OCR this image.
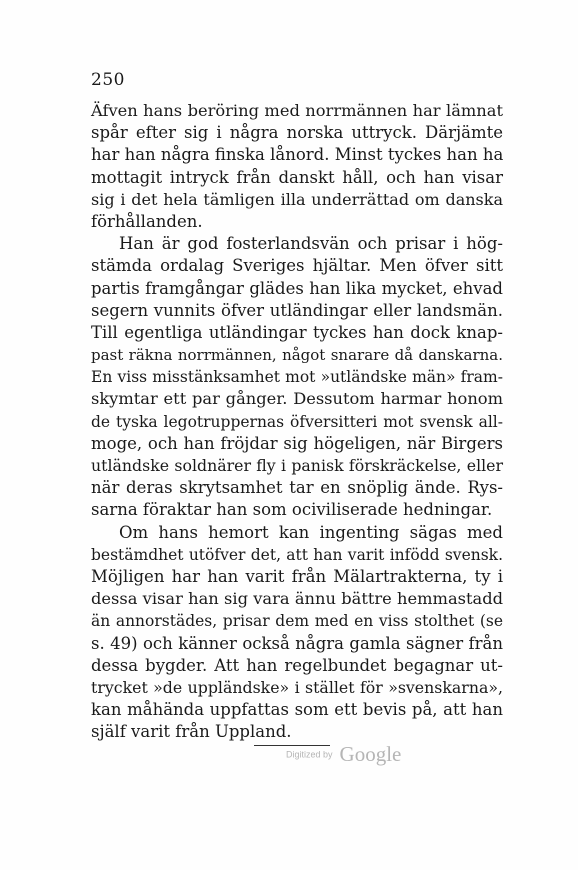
250
Äfven hans beröring med norrmännen har lämnat
spår efter sig i några norska uttryck. Därjämte
har han några finska lånord. Minst tyckes han ha
mottagit intryck från danskt håll, och han visar
sig i det hela tämligen illa underrättad om danska
förhållanden.
Han är god fosterlandsvän och prisar i hög-
stämda ordalag Sveriges hjältar. Men öfver sitt
partis framgångar glädes han lika mycket, ehvad
segern vunnits öfver utländingar eller landsmän.
Till egentliga utländingar tyckes han dock knap-
past räkna norrmännen, något snarare då danskarna.
En viss misstänksamhet mot »utländske män» fram-
skymtar ett par gånger. Dessutom harmar honom
de tyska legotruppernas öfversitteri mot svensk all-
moge, och han fröjdar sig högeligen, när Birgers
utländske soldnärer fly i panisk förskräckelse, eller
när deras skrytsamhet tar en snöplig ände. Rys-
sarna föraktar han som ociviliserade hedningar.
Om hans hemort kan ingenting sägas med
bestämdhet utöfver det, att han varit infödd svensk.
Möjligen har han varit från Mälartrakterna, ty i
dessa visar han sig vara ännu bättre hemmastadd
än annorstädes, prisar dem med en viss stolthet (se
s. 49) och känner också några gamla sägner från
dessa bygder. Att han regelbundet begagnar ut-
trycket »de uppländske» i stället för »svenskarna»,
kan måhända uppfattas som ett bevis på, att han
själf varit från Uppland.
Digitized by Google
